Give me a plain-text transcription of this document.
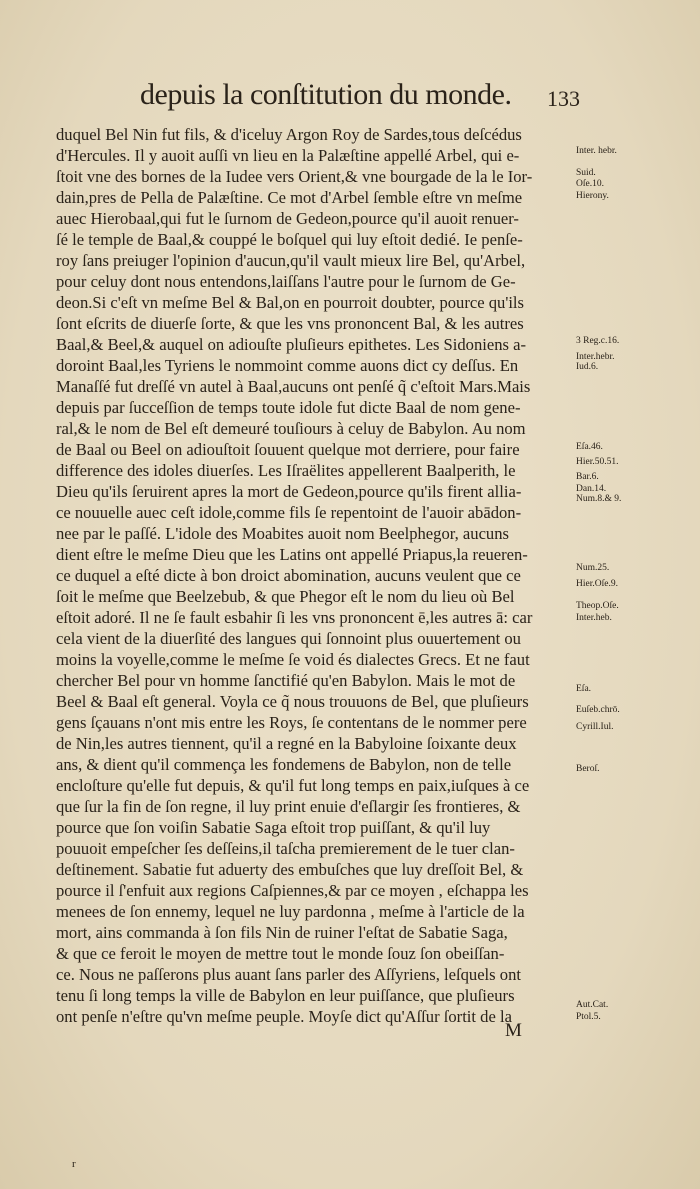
depuis la conſtitution du monde. 133
duquel Bel Nin fut fils, & d'iceluy Argon Roy de Sardes,tous deſcédus
d'Hercules. Il y auoit auſſi vn lieu en la Palæſtine appellé Arbel, qui e-
ſtoit vne des bornes de la Iudee vers Orient,& vne bourgade de la le Ior-
dain,pres de Pella de Palæſtine. Ce mot d'Arbel ſemble eſtre vn meſme
auec Hierobaal,qui fut le ſurnom de Gedeon,pource qu'il auoit renuer-
ſé le temple de Baal,& couppé le boſquel qui luy eſtoit dedié. Ie penſe-
roy ſans preiuger l'opinion d'aucun,qu'il vault mieux lire Bel, qu'Arbel,
pour celuy dont nous entendons,laiſſans l'autre pour le ſurnom de Ge-
deon.Si c'eſt vn meſme Bel & Bal,on en pourroit doubter, pource qu'ils
ſont eſcrits de diuerſe ſorte, & que les vns prononcent Bal, & les autres
Baal,& Beel,& auquel on adiouſte pluſieurs epithetes. Les Sidoniens a-
doroint Baal,les Tyriens le nommoint comme auons dict cy deſſus. En
Manaſſé fut dreſſé vn autel à Baal,aucuns ont penſé q̃ c'eſtoit Mars.Mais
depuis par ſucceſſion de temps toute idole fut dicte Baal de nom gene-
ral,& le nom de Bel eſt demeuré touſiours à celuy de Babylon. Au nom
de Baal ou Beel on adiouſtoit ſouuent quelque mot derriere, pour faire
difference des idoles diuerſes. Les Iſraëlites appellerent Baalperith, le
Dieu qu'ils ſeruirent apres la mort de Gedeon,pource qu'ils firent allia-
ce nouuelle auec ceſt idole,comme fils ſe repentoint de l'auoir abādon-
nee par le paſſé. L'idole des Moabites auoit nom Beelphegor, aucuns
dient eſtre le meſme Dieu que les Latins ont appellé Priapus,la reueren-
ce duquel a eſté dicte à bon droict abomination, aucuns veulent que ce
ſoit le meſme que Beelzebub, & que Phegor eſt le nom du lieu où Bel
eſtoit adoré. Il ne ſe fault esbahir ſi les vns prononcent ē,les autres ā: car
cela vient de la diuerſité des langues qui ſonnoint plus ouuertement ou
moins la voyelle,comme le meſme ſe void és dialectes Grecs. Et ne faut
chercher Bel pour vn homme ſanctifié qu'en Babylon. Mais le mot de
Beel & Baal eſt general. Voyla ce q̃ nous trouuons de Bel, que pluſieurs
gens ſçauans n'ont mis entre les Roys, ſe contentans de le nommer pere
de Nin,les autres tiennent, qu'il a regné en la Babyloine ſoixante deux
ans, & dient qu'il commença les fondemens de Babylon, non de telle
encloſture qu'elle fut depuis, & qu'il fut long temps en paix,iuſques à ce
que ſur la fin de ſon regne, il luy print enuie d'eſlargir ſes frontieres, &
pource que ſon voiſin Sabatie Saga eſtoit trop puiſſant, & qu'il luy
pouuoit empeſcher ſes deſſeins,il taſcha premierement de le tuer clan-
deſtinement. Sabatie fut aduerty des embuſches que luy dreſſoit Bel, &
pource il ſ'enfuit aux regions Caſpiennes,& par ce moyen , eſchappa les
menees de ſon ennemy, lequel ne luy pardonna , meſme à l'article de la
mort, ains commanda à ſon fils Nin de ruiner l'eſtat de Sabatie Saga,
& que ce feroit le moyen de mettre tout le monde ſouz ſon obeiſſan-
ce. Nous ne paſſerons plus auant ſans parler des Aſſyriens, leſquels ont
tenu ſi long temps la ville de Babylon en leur puiſſance, que pluſieurs
ont penſe n'eſtre qu'vn meſme peuple. Moyſe dict qu'Aſſur ſortit de la
Inter. hebr.
Suid.
Oſe.10.
Hierony.
3 Reg.c.16.
Inter.hebr.
Iud.6.
Eſa.46.
Hier.50.51.
Bar.6.
Dan.14.
Num.8.& 9.
Num.25.
Hier.Oſe.9.
Theop.Oſe.
Inter.heb.
Eſa.
Euſeb.chrō.
Cyrill.Iul.
Beroſ.
Aut.Cat.
Ptol.5.
M
r
